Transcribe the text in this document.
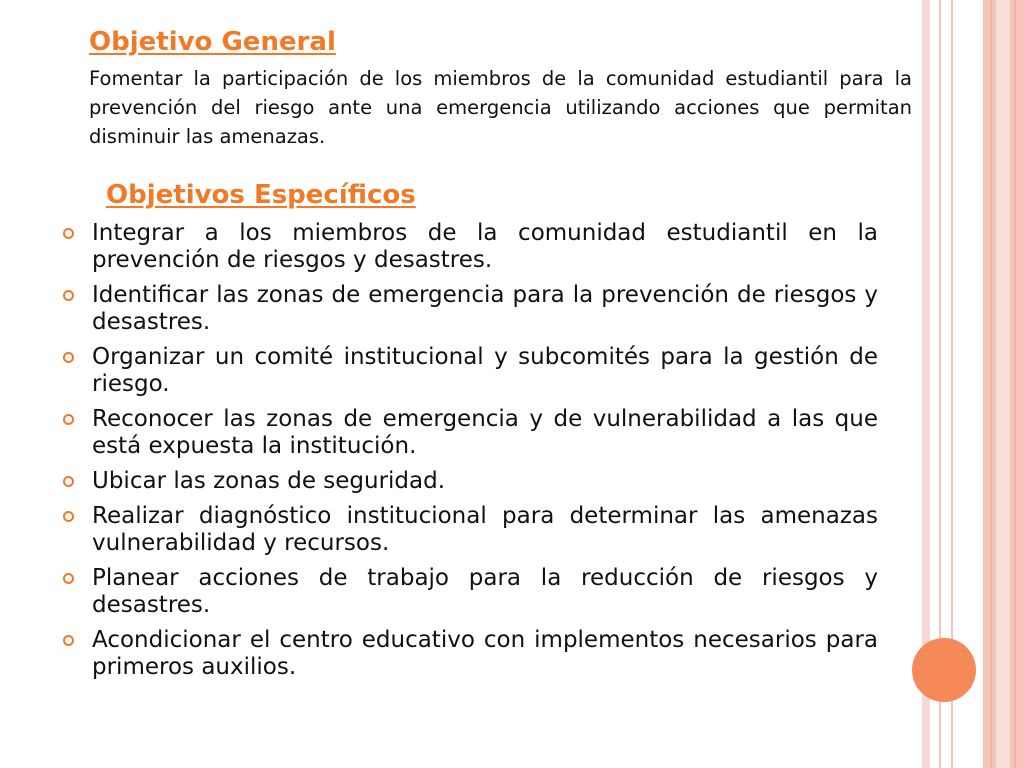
Objetivo General

Fomentar la participación de los miembros de la comunidad estudiantil para la prevención del riesgo ante una emergencia utilizando acciones que permitan disminuir las amenazas.

Objetivos Específicos
Integrar a los miembros de la comunidad estudiantil en la prevención de riesgos y desastres.
Identificar las zonas de emergencia para la prevención de riesgos y desastres.
Organizar un comité institucional y subcomités para la gestión de riesgo.
Reconocer las zonas de emergencia y de vulnerabilidad a las que está expuesta la institución.
Ubicar las zonas de seguridad.
Realizar diagnóstico institucional para determinar las amenazas vulnerabilidad y recursos.
Planear acciones de trabajo para la reducción de riesgos y desastres.
Acondicionar el centro educativo con implementos necesarios para primeros auxilios.
